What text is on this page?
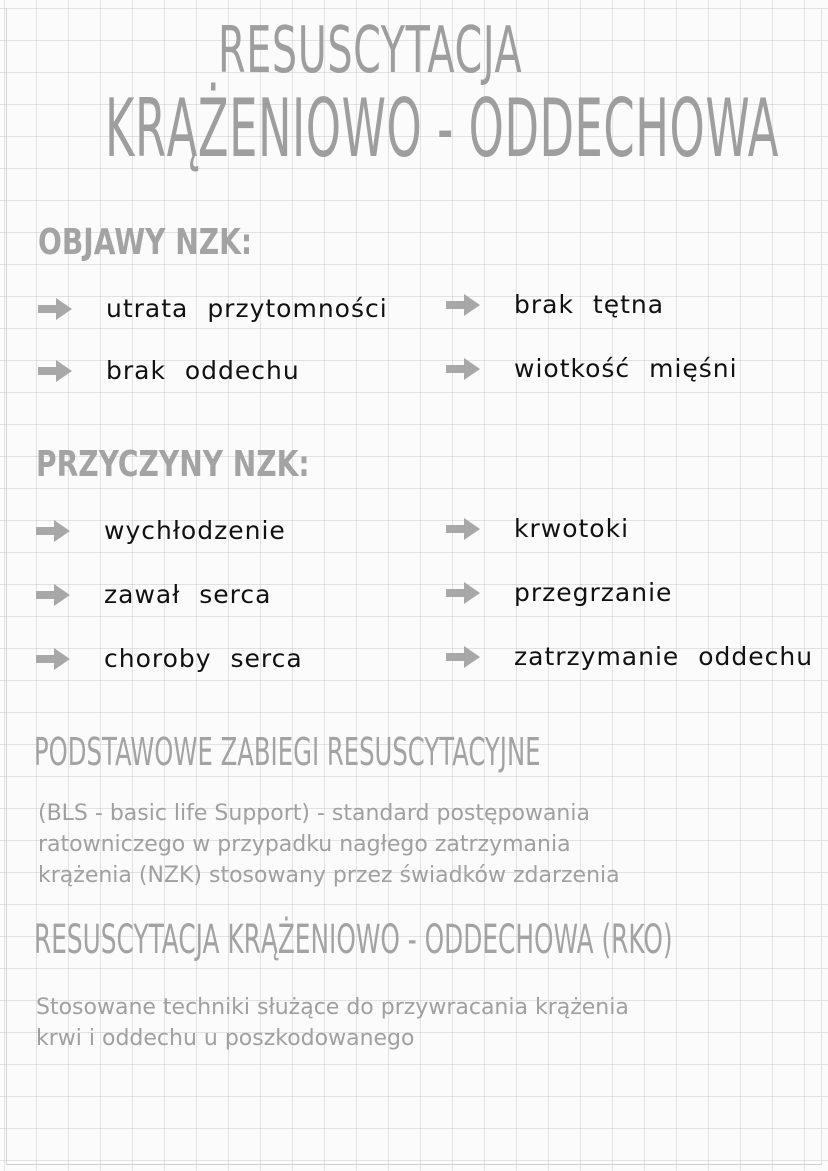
RESUSCYTACJA
KRĄŻENIOWO - ODDECHOWA
OBJAWY NZK:
utrata przytomności	brak tętna
brak oddechu	wiotkość mięśni
PRZYCZYNY NZK:
wychłodzenie	krwotoki
zawał serca	przegrzanie
choroby serca	zatrzymanie oddechu
PODSTAWOWE ZABIEGI RESUSCYTACYJNE

(BLS - basic life Support) - standard postępowania
ratowniczego w przypadku nagłego zatrzymania
krążenia (NZK) stosowany przez świadków zdarzenia

RESUSCYTACJA KRĄŻENIOWO - ODDECHOWA (RKO)

Stosowane techniki służące do przywracania krążenia
krwi i oddechu u poszkodowanego
